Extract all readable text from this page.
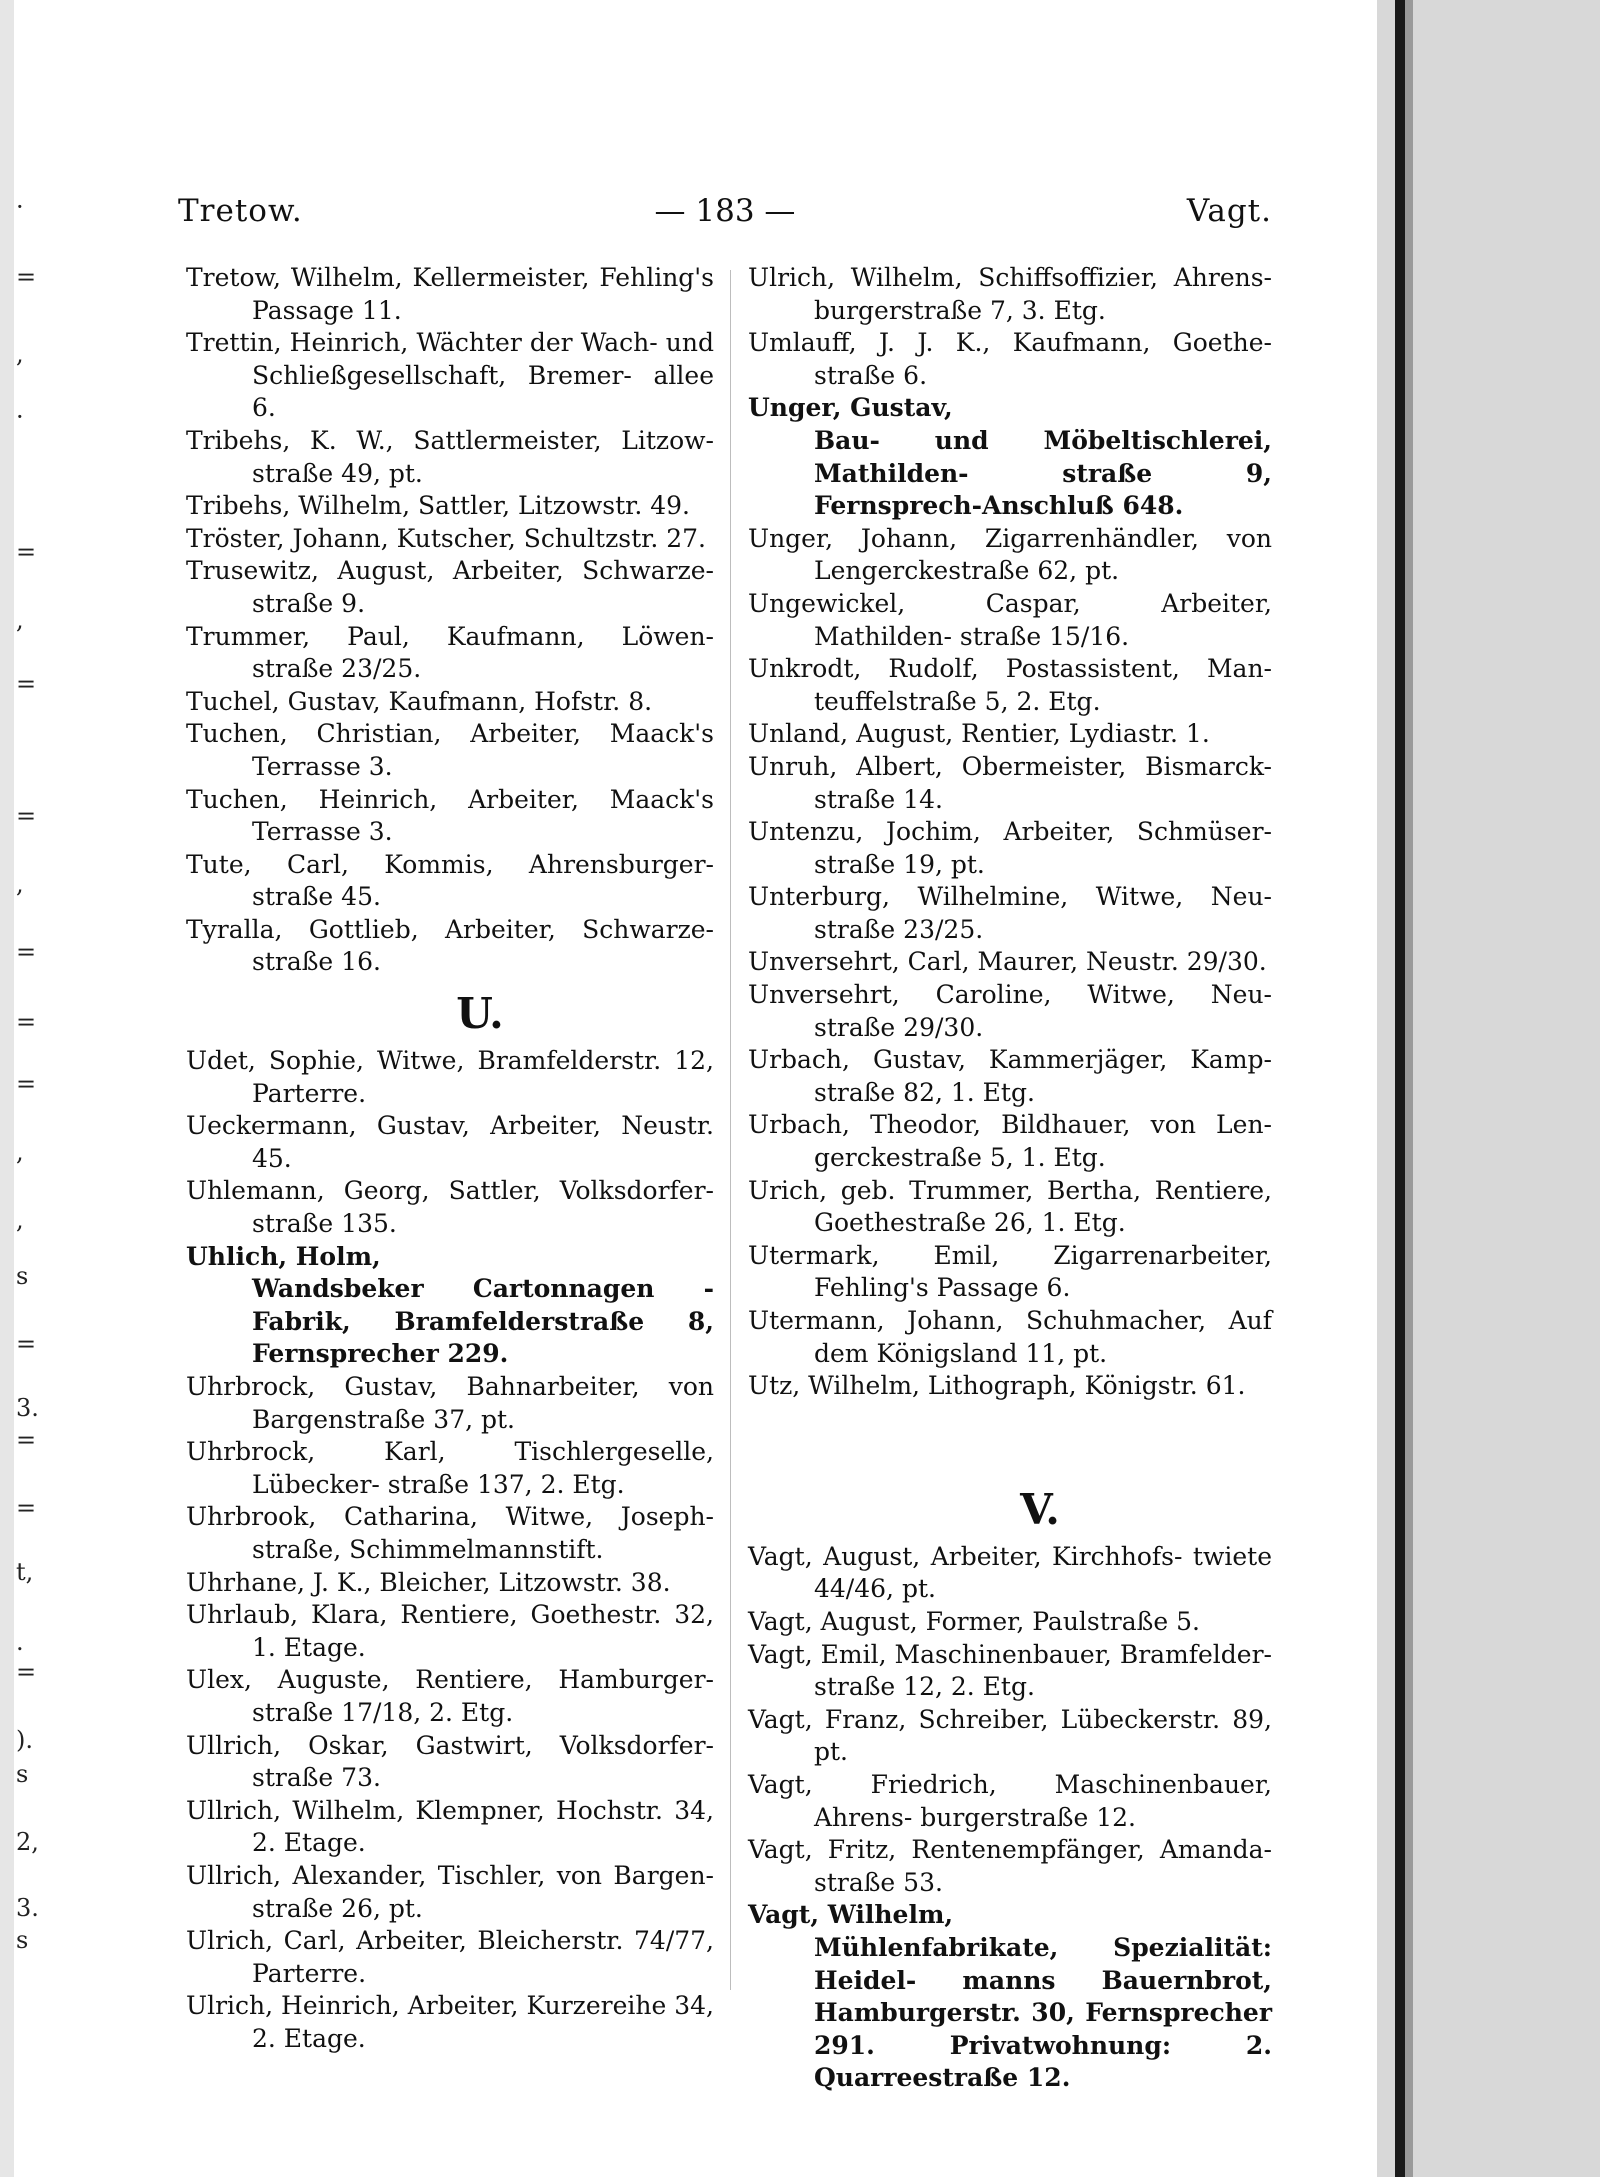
·
=
,
·
=
,
=
=
,
=
=
=
,
,
s
=
3.
=
=
t,
.
=
).
s
2,
3.
s
Tretow.	— 183 —	Vagt.

Tretow, Wilhelm, Kellermeister, Fehling's Passage 11.

Trettin, Heinrich, Wächter der Wach- und Schließgesellschaft, Bremer- allee 6.

Tribehs, K. W., Sattlermeister, Litzow- straße 49, pt.

Tribehs, Wilhelm, Sattler, Litzowstr. 49.

Tröster, Johann, Kutscher, Schultzstr. 27.

Trusewitz, August, Arbeiter, Schwarze- straße 9.

Trummer, Paul, Kaufmann, Löwen- straße 23/25.

Tuchel, Gustav, Kaufmann, Hofstr. 8.

Tuchen, Christian, Arbeiter, Maack's Terrasse 3.

Tuchen, Heinrich, Arbeiter, Maack's Terrasse 3.

Tute, Carl, Kommis, Ahrensburger- straße 45.

Tyralla, Gottlieb, Arbeiter, Schwarze- straße 16.

U.

Udet, Sophie, Witwe, Bramfelderstr. 12, Parterre.

Ueckermann, Gustav, Arbeiter, Neustr. 45.

Uhlemann, Georg, Sattler, Volksdorfer- straße 135.

Uhlich, Holm,
Wandsbeker Cartonnagen - Fabrik, Bramfelderstraße 8, Fernsprecher 229.

Uhrbrock, Gustav, Bahnarbeiter, von Bargenstraße 37, pt.

Uhrbrock, Karl, Tischlergeselle, Lübecker- straße 137, 2. Etg.

Uhrbrook, Catharina, Witwe, Joseph- straße, Schimmelmannstift.

Uhrhane, J. K., Bleicher, Litzowstr. 38.

Uhrlaub, Klara, Rentiere, Goethestr. 32, 1. Etage.

Ulex, Auguste, Rentiere, Hamburger- straße 17/18, 2. Etg.

Ullrich, Oskar, Gastwirt, Volksdorfer- straße 73.

Ullrich, Wilhelm, Klempner, Hochstr. 34, 2. Etage.

Ullrich, Alexander, Tischler, von Bargen- straße 26, pt.

Ulrich, Carl, Arbeiter, Bleicherstr. 74/77, Parterre.

Ulrich, Heinrich, Arbeiter, Kurzereihe 34, 2. Etage.

Ulrich, Wilhelm, Schiffsoffizier, Ahrens- burgerstraße 7, 3. Etg.

Umlauff, J. J. K., Kaufmann, Goethe- straße 6.

Unger, Gustav,
Bau- und Möbeltischlerei, Mathilden- straße 9, Fernsprech-Anschluß 648.

Unger, Johann, Zigarrenhändler, von Lengerckestraße 62, pt.

Ungewickel, Caspar, Arbeiter, Mathilden- straße 15/16.

Unkrodt, Rudolf, Postassistent, Man- teuffelstraße 5, 2. Etg.

Unland, August, Rentier, Lydiastr. 1.

Unruh, Albert, Obermeister, Bismarck- straße 14.

Untenzu, Jochim, Arbeiter, Schmüser- straße 19, pt.

Unterburg, Wilhelmine, Witwe, Neu- straße 23/25.

Unversehrt, Carl, Maurer, Neustr. 29/30.

Unversehrt, Caroline, Witwe, Neu- straße 29/30.

Urbach, Gustav, Kammerjäger, Kamp- straße 82, 1. Etg.

Urbach, Theodor, Bildhauer, von Len- gerckestraße 5, 1. Etg.

Urich, geb. Trummer, Bertha, Rentiere, Goethestraße 26, 1. Etg.

Utermark, Emil, Zigarrenarbeiter, Fehling's Passage 6.

Utermann, Johann, Schuhmacher, Auf dem Königsland 11, pt.

Utz, Wilhelm, Lithograph, Königstr. 61.

V.

Vagt, August, Arbeiter, Kirchhofs- twiete 44/46, pt.

Vagt, August, Former, Paulstraße 5.

Vagt, Emil, Maschinenbauer, Bramfelder- straße 12, 2. Etg.

Vagt, Franz, Schreiber, Lübeckerstr. 89, pt.

Vagt, Friedrich, Maschinenbauer, Ahrens- burgerstraße 12.

Vagt, Fritz, Rentenempfänger, Amanda- straße 53.

Vagt, Wilhelm,
Mühlenfabrikate, Spezialität: Heidel- manns Bauernbrot, Hamburgerstr. 30, Fernsprecher 291. Privatwohnung: 2. Quarreestraße 12.
